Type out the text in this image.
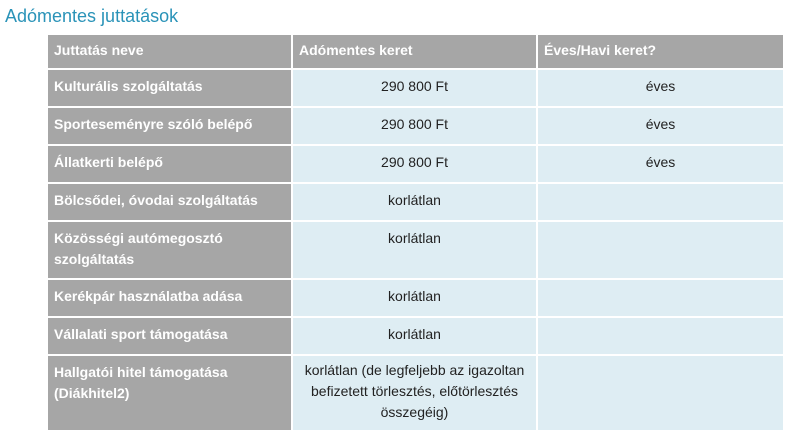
Adómentes juttatások
Juttatás neve	Adómentes keret	Éves/Havi keret?
Kulturális szolgáltatás	290 800 Ft	éves
Sporteseményre szóló belépő	290 800 Ft	éves
Állatkerti belépő	290 800 Ft	éves
Bölcsődei, óvodai szolgáltatás	korlátlan	
Közösségi autómegosztó szolgáltatás	korlátlan	
Kerékpár használatba adása	korlátlan	
Vállalati sport támogatása	korlátlan	
Hallgatói hitel támogatása (Diákhitel2)	korlátlan (de legfeljebb az igazoltan befizetett törlesztés, előtörlesztés összegéig)	
